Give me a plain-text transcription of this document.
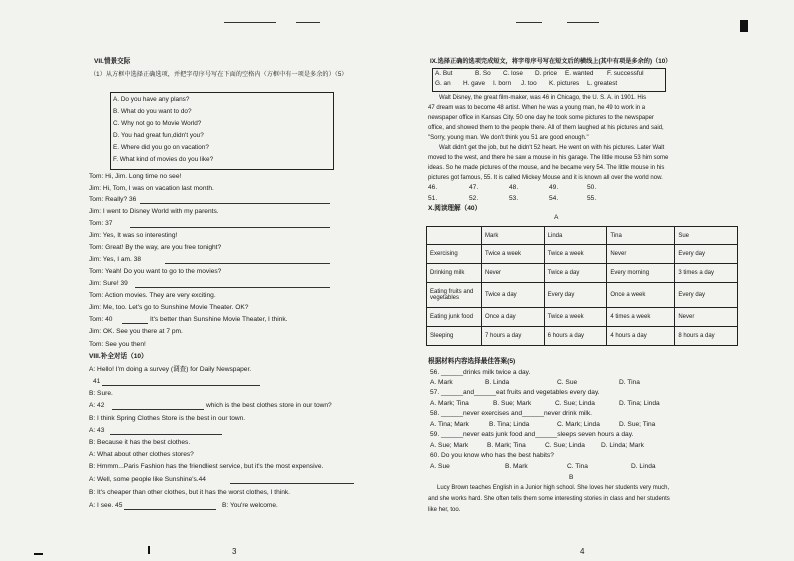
VII.情景交际
（1）从方框中选择正确选项，并把字母序号写在下面的空格内（方框中有一项是多余的）（5）
A. Do you have any plans?
B. What do you want to do?
C. Why not go to Movie World?
D. You had great fun,didn't you?
E. Where did you go on vacation?
F. What kind of movies do you like?
Tom: Hi, Jim. Long time no see!
Jim: Hi, Tom, I was on vacation last month.
Tom: Really? 36
Jim: I went to Disney World with my parents.
Tom: 37
Jim: Yes, It was so interesting!
Tom: Great! By the way, are you free tonight?
Jim: Yes, I am. 38
Tom: Yeah! Do you want to go to the movies?
Jim: Sure! 39
Tom: Action movies. They are very exciting.
Jim: Me, too. Let's go to Sunshine Movie Theater. OK?
Tom: 40	It's better than Sunshine Movie Theater, I think.
Jim: OK. See you there at 7 pm.
Tom: See you then!
VIII.补全对话（10）
A: Hello! I'm doing a survey (调查) for Daily Newspaper.
41
B: Sure.
A: 42	which is the best clothes store in our town?
B: I think Spring Clothes Store is the best in our town.
A: 43
B: Because it has the best clothes.
A: What about other clothes stores?
B: Hmmm...Paris Fashion has the friendliest service, but it's the most expensive.
A: Well, some people like Sunshine's.44
B: It's cheaper than other clothes, but it has the worst clothes, I think.
A: I see. 45	B: You're welcome.
3
IX.选择正确的选项完成短文，将字母序号写在短文后的横线上(其中有项是多余的)（10）
A. But	B. So C. lose D. price E. wanted F. successful
G. an H. gave I. born J. too K. pictures L. greatest
Walt Disney, the great film-maker, was 46 in Chicago, the U. S. A. in 1901. His
47 dream was to become 48 artist. When he was a young man, he 49 to work in a
newspaper office in Kansas City. 50 one day he took some pictures to the newspaper
office, and showed them to the people there. All of them laughed at his pictures and said,
"Sorry, young man. We don't think you 51 are good enough."
Walt didn't get the job, but he didn't 52 heart. He went on with his pictures. Later Walt
moved to the west, and there he saw a mouse in his garage. The little mouse 53 him some
ideas. So he made pictures of the mouse, and he became very 54. The little mouse in his
pictures got famous, 55. It is called Mickey Mouse and it is known all over the world now.
46.	47.	48.	49.	50.
51.	52.	53.	54.	55.
X.阅读理解（40）
A
	Mark	Linda	Tina	Sue
Exercising	Twice a week	Twice a week	Never	Every day
Drinking milk	Never	Twice a day	Every morning	3 times a day
Eating fruits and vegetables	Twice a day	Every day	Once a week	Every day
Eating junk food	Once a day	Twice a week	4 times a week	Never
Sleeping	7 hours a day	6 hours a day	4 hours a day	8 hours a day
根据材料内容选择最佳答案(5)
56. ______drinks milk twice a day.
A. Mark	B. Linda	C. Sue	D. Tina
57. ______and______eat fruits and vegetables every day.
A. Mark; Tina	B. Sue; Mark	C. Sue; Linda	D. Tina; Linda
58. ______never exercises and______never drink milk.
A. Tina; Mark	B. Tina; Linda	C. Mark; Linda	D. Sue; Tina
59. ______never eats junk food and______sleeps seven hours a day.
A. Sue; Mark	B. Mark; Tina	C. Sue; Linda D. Linda; Mark
60. Do you know who has the best habits?
A. Sue	B. Mark	C. Tina	D. Linda
B
Lucy Brown teaches English in a Junior high school. She loves her students very much,
and she works hard. She often tells them some interesting stories in class and her students
like her, too.
4
